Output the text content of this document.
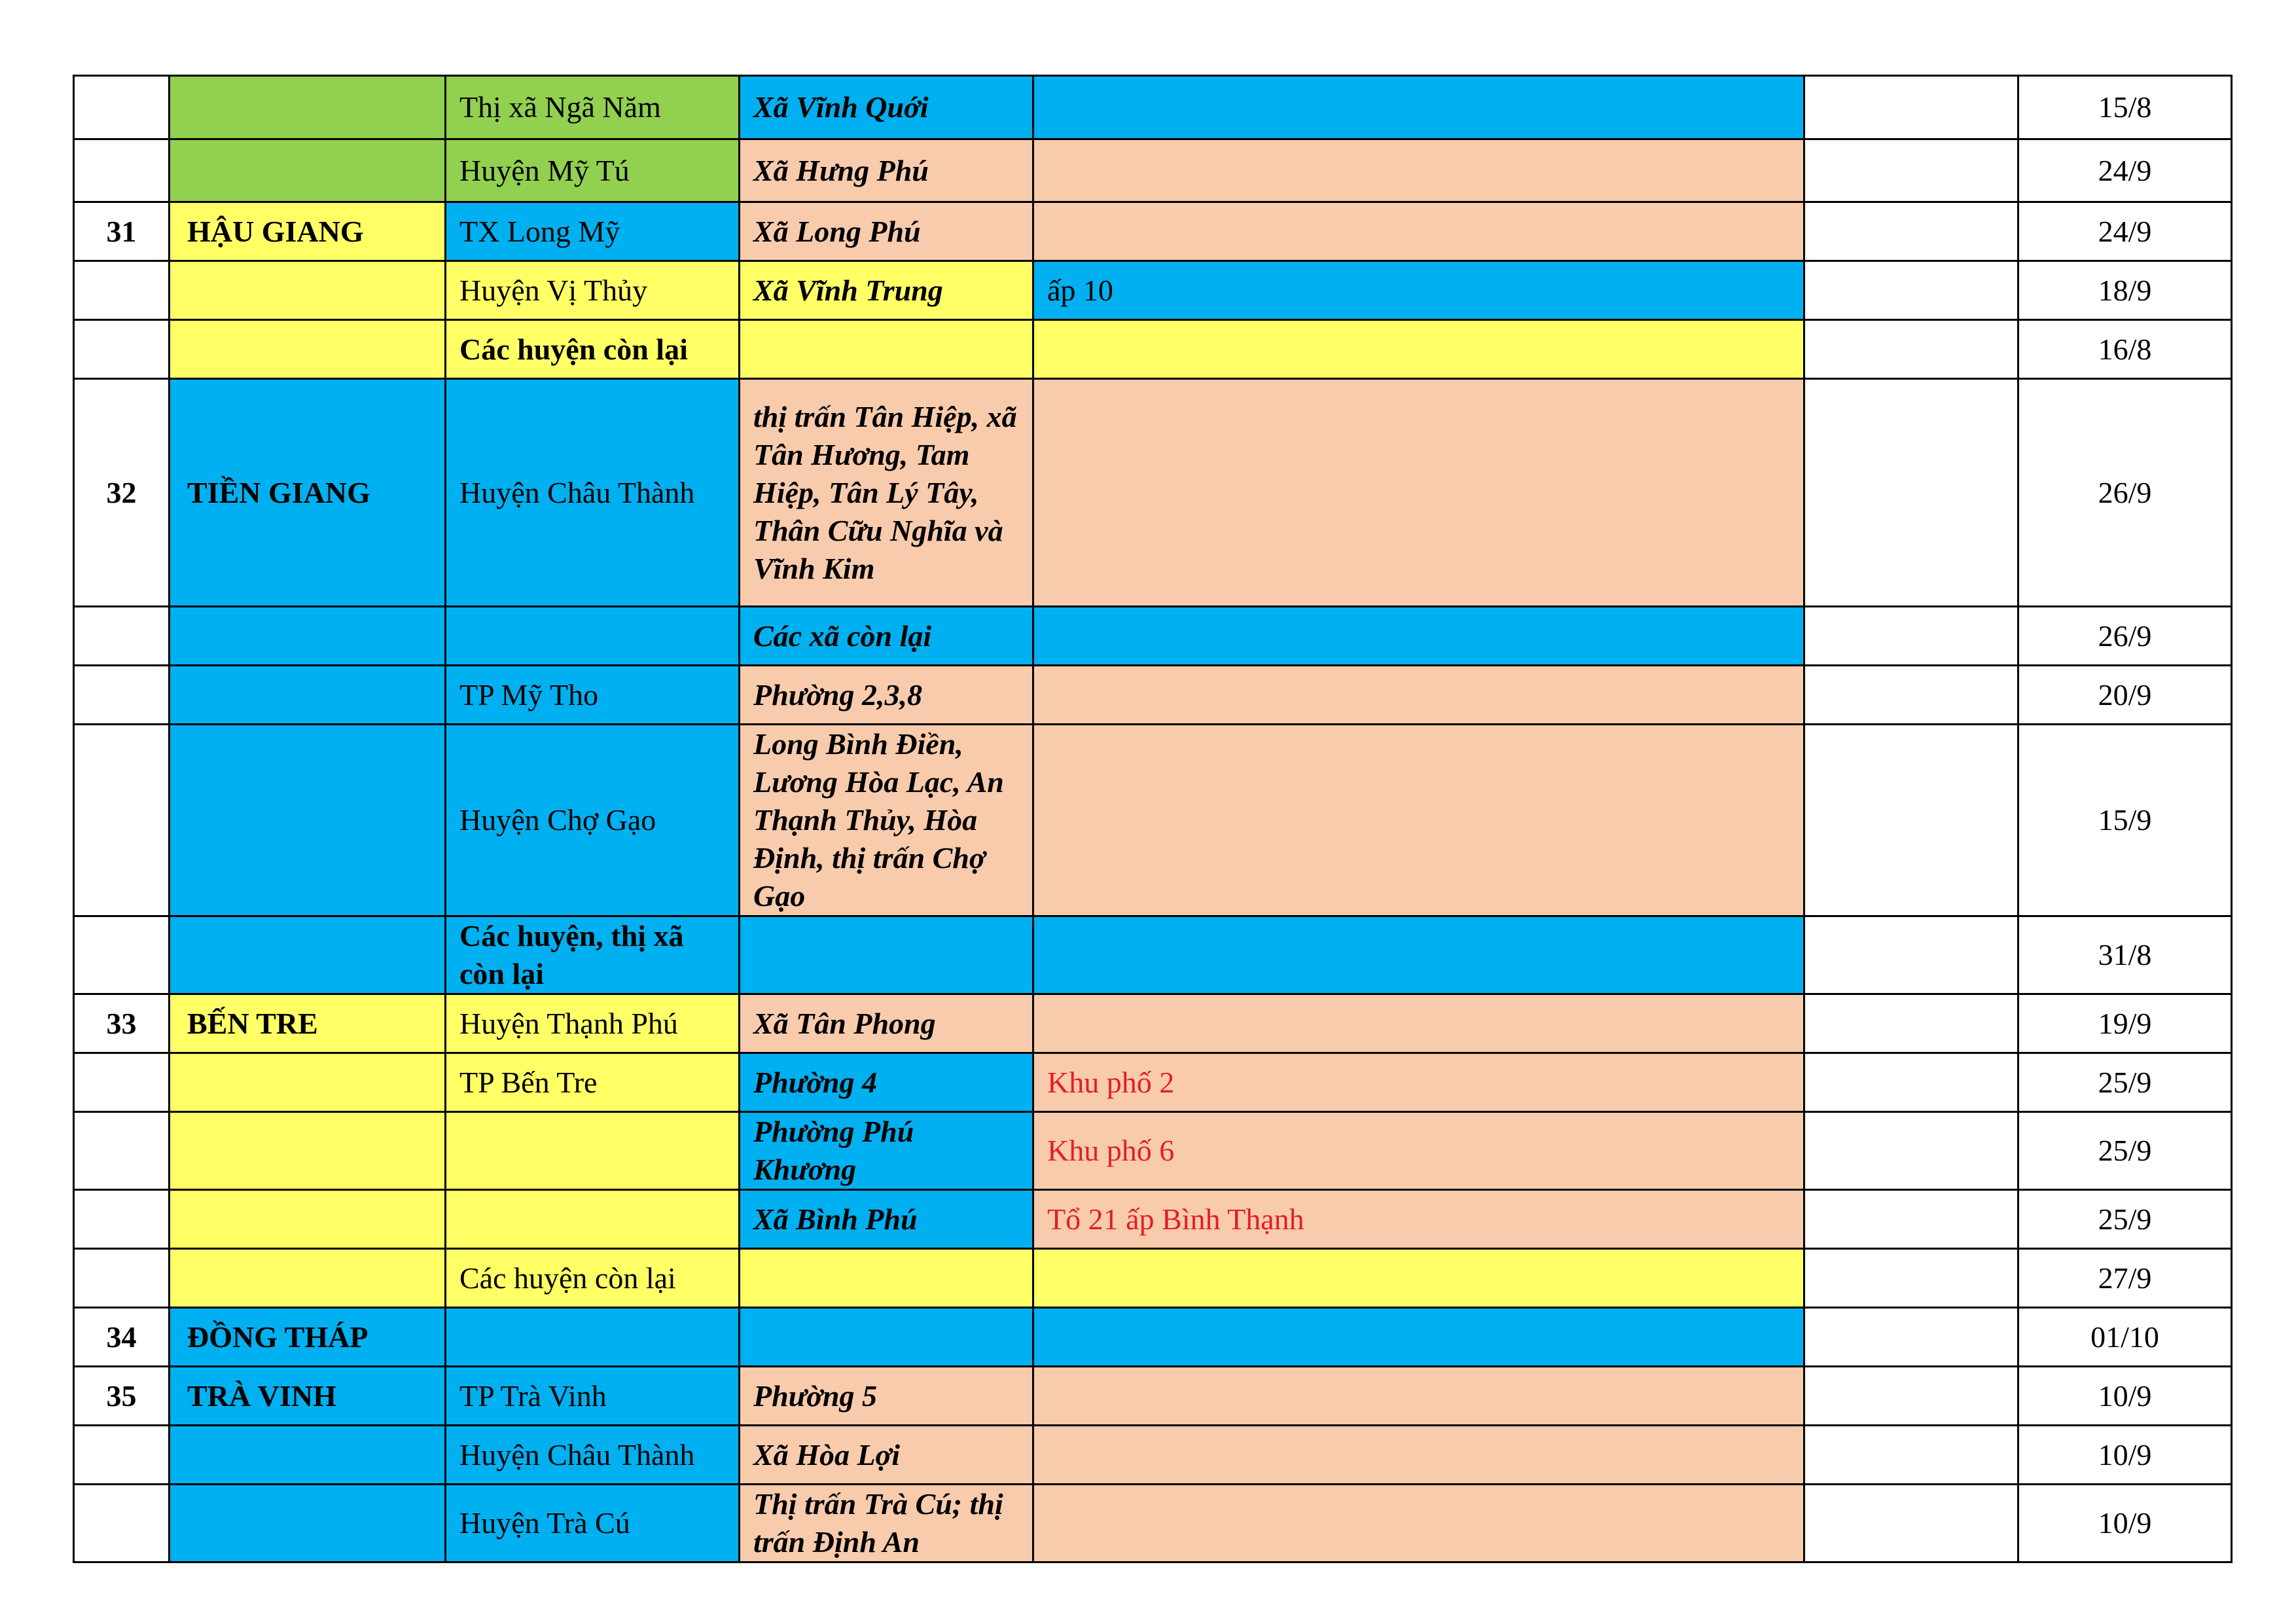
		Thị xã Ngã Năm	Xã Vĩnh Quới			15/8
		Huyện Mỹ Tú	Xã Hưng Phú			24/9
31	HẬU GIANG	TX Long Mỹ	Xã Long Phú			24/9
		Huyện Vị Thủy	Xã Vĩnh Trung	ấp 10		18/9
		Các huyện còn lại				16/8
32	TIỀN GIANG	Huyện Châu Thành	thị trấn Tân Hiệp, xã Tân Hương, Tam Hiệp, Tân Lý Tây, Thân Cữu Nghĩa và Vĩnh Kim			26/9
			Các xã còn lại			26/9
		TP Mỹ Tho	Phường 2,3,8			20/9
		Huyện Chợ Gạo	Long Bình Điền, Lương Hòa Lạc, An Thạnh Thủy, Hòa Định, thị trấn Chợ Gạo			15/9
		Các huyện, thị xã còn lại				31/8
33	BẾN TRE	Huyện Thạnh Phú	Xã Tân Phong			19/9
		TP Bến Tre	Phường 4	Khu phố 2		25/9
			Phường Phú Khương	Khu phố 6		25/9
			Xã Bình Phú	Tổ 21 ấp Bình Thạnh		25/9
		Các huyện còn lại				27/9
34	ĐỒNG THÁP					01/10
35	TRÀ VINH	TP Trà Vinh	Phường 5			10/9
		Huyện Châu Thành	Xã Hòa Lợi			10/9
		Huyện Trà Cú	Thị trấn Trà Cú; thị trấn Định An			10/9
